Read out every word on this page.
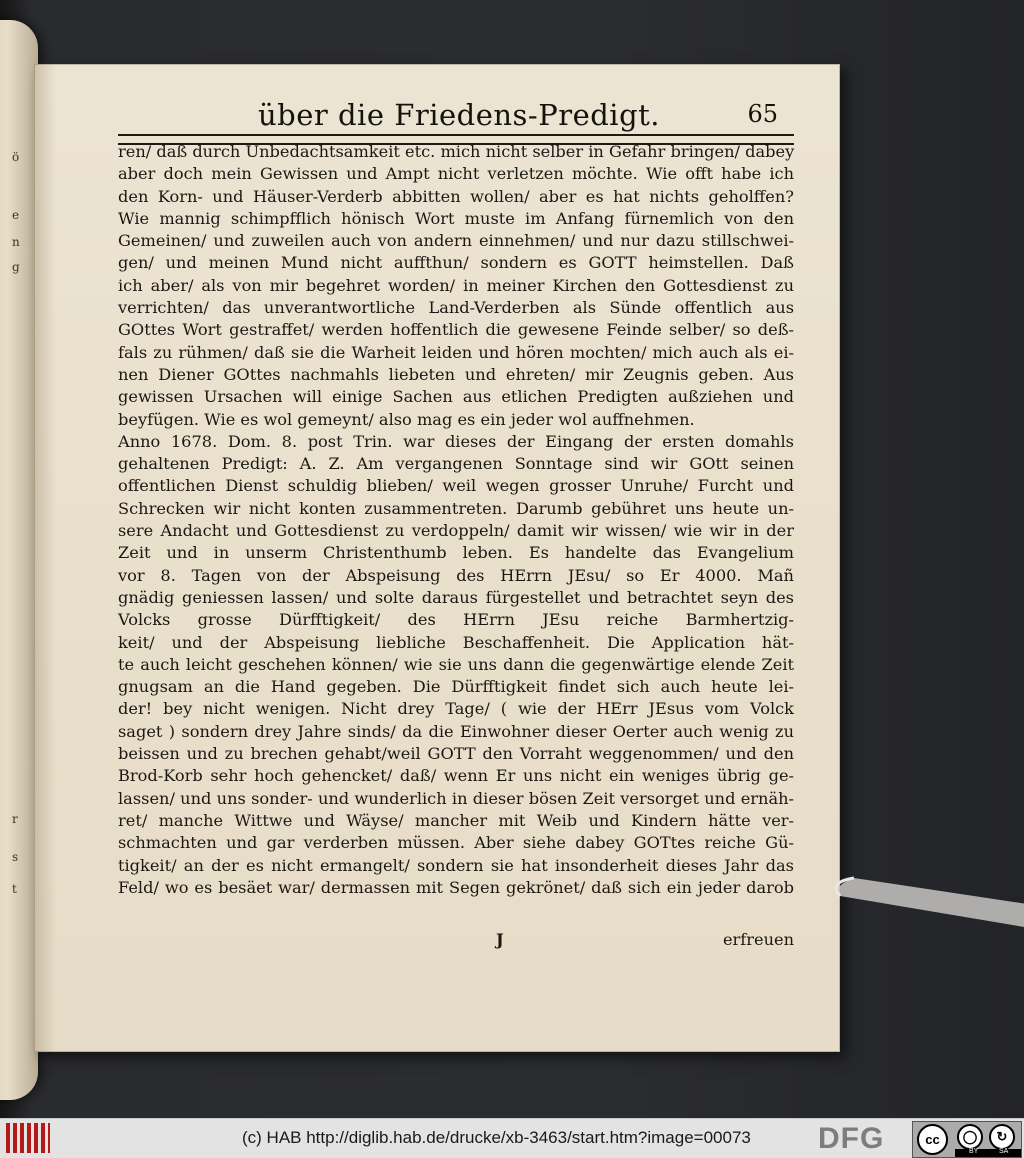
ö
e
n
g
r
s
t
über die Friedens-Predigt.	65
ren/ daß durch Unbedachtsamkeit etc. mich nicht selber in Gefahr bringen/ dabey
aber doch mein Gewissen und Ampt nicht verletzen möchte. Wie offt habe ich
den Korn- und Häuser-Verderb abbitten wollen/ aber es hat nichts geholffen?
Wie mannig schimpfflich hönisch Wort muste im Anfang fürnemlich von den
Gemeinen/ und zuweilen auch von andern einnehmen/ und nur dazu stillschwei-
gen/ und meinen Mund nicht auffthun/ sondern es GOTT heimstellen. Daß
ich aber/ als von mir begehret worden/ in meiner Kirchen den Gottesdienst zu
verrichten/ das unverantwortliche Land-Verderben als Sünde offentlich aus
GOttes Wort gestraffet/ werden hoffentlich die gewesene Feinde selber/ so deß-
fals zu rühmen/ daß sie die Warheit leiden und hören mochten/ mich auch als ei-
nen Diener GOttes nachmahls liebeten und ehreten/ mir Zeugnis geben. Aus
gewissen Ursachen will einige Sachen aus etlichen Predigten außziehen und
beyfügen. Wie es wol gemeynt/ also mag es ein jeder wol auffnehmen.
Anno 1678. Dom. 8. post Trin. war dieses der Eingang der ersten domahls
gehaltenen Predigt: A. Z. Am vergangenen Sonntage sind wir GOtt seinen
offentlichen Dienst schuldig blieben/ weil wegen grosser Unruhe/ Furcht und
Schrecken wir nicht konten zusammentreten. Darumb gebühret uns heute un-
sere Andacht und Gottesdienst zu verdoppeln/ damit wir wissen/ wie wir in der
Zeit und in unserm Christenthumb leben. Es handelte das Evangelium
vor 8. Tagen von der Abspeisung des HErrn JEsu/ so Er 4000. Mañ
gnädig geniessen lassen/ und solte daraus fürgestellet und betrachtet seyn des
Volcks grosse Dürfftigkeit/ des HErrn JEsu reiche Barmhertzig-
keit/ und der Abspeisung liebliche Beschaffenheit. Die Application hät-
te auch leicht geschehen können/ wie sie uns dann die gegenwärtige elende Zeit
gnugsam an die Hand gegeben. Die Dürfftigkeit findet sich auch heute lei-
der! bey nicht wenigen. Nicht drey Tage/ ( wie der HErr JEsus vom Volck
saget ) sondern drey Jahre sinds/ da die Einwohner dieser Oerter auch wenig zu
beissen und zu brechen gehabt/weil GOTT den Vorraht weggenommen/ und den
Brod-Korb sehr hoch gehencket/ daß/ wenn Er uns nicht ein weniges übrig ge-
lassen/ und uns sonder- und wunderlich in dieser bösen Zeit versorget und ernäh-
ret/ manche Wittwe und Wäyse/ mancher mit Weib und Kindern hätte ver-
schmachten und gar verderben müssen. Aber siehe dabey GOTtes reiche Gü-
tigkeit/ an der es nicht ermangelt/ sondern sie hat insonderheit dieses Jahr das
Feld/ wo es besäet war/ dermassen mit Segen gekrönet/ daß sich ein jeder darob
J	erfreuen
(c) HAB http://diglib.hab.de/drucke/xb-3463/start.htm?image=00073 DFG	cc	◯	↻
BY	SA
